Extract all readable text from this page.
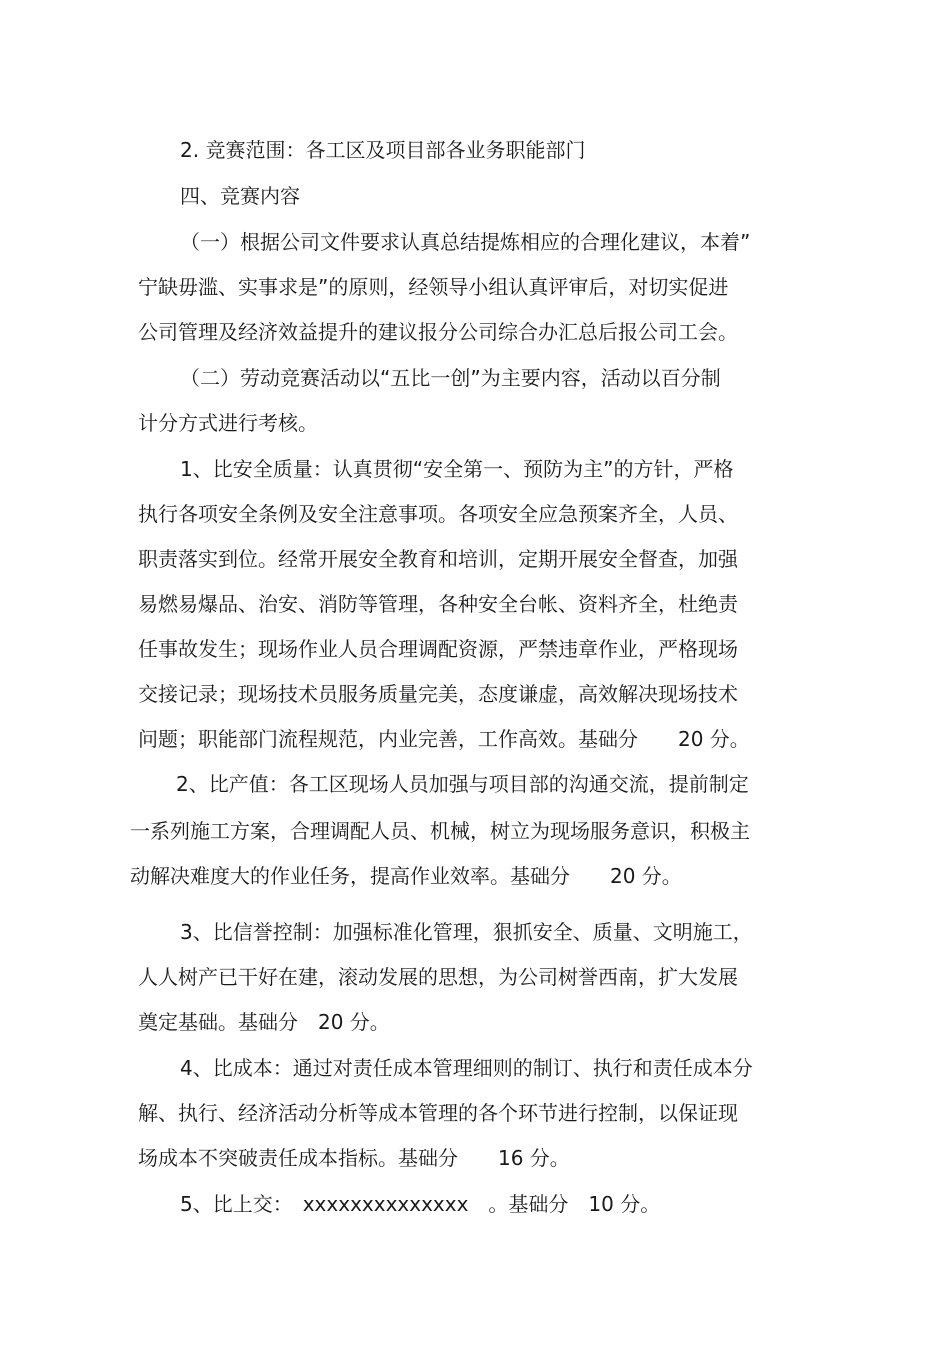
2. 竞赛范围：各工区及项目部各业务职能部门
四、竞赛内容
（一）根据公司文件要求认真总结提炼相应的合理化建议，本着”
宁缺毋滥、实事求是”的原则，经领导小组认真评审后，对切实促进
公司管理及经济效益提升的建议报分公司综合办汇总后报公司工会。
（二）劳动竞赛活动以“五比一创”为主要内容，活动以百分制
计分方式进行考核。
1、比安全质量：认真贯彻“安全第一、预防为主”的方针，严格
执行各项安全条例及安全注意事项。各项安全应急预案齐全，人员、
职责落实到位。经常开展安全教育和培训，定期开展安全督查，加强
易燃易爆品、治安、消防等管理，各种安全台帐、资料齐全，杜绝责
任事故发生；现场作业人员合理调配资源，严禁违章作业，严格现场
交接记录；现场技术员服务质量完美，态度谦虚，高效解决现场技术
问题；职能部门流程规范，内业完善，工作高效。基础分　　20 分。
2、比产值：各工区现场人员加强与项目部的沟通交流，提前制定
一系列施工方案，合理调配人员、机械，树立为现场服务意识，积极主
动解决难度大的作业任务，提高作业效率。基础分　　20 分。
3、比信誉控制：加强标准化管理，狠抓安全、质量、文明施工，
人人树产已干好在建，滚动发展的思想，为公司树誉西南，扩大发展
奠定基础。基础分　20 分。
4、比成本：通过对责任成本管理细则的制订、执行和责任成本分
解、执行、经济活动分析等成本管理的各个环节进行控制，以保证现
场成本不突破责任成本指标。基础分　　16 分。
5、比上交：　xxxxxxxxxxxxxx　。基础分　10 分。
